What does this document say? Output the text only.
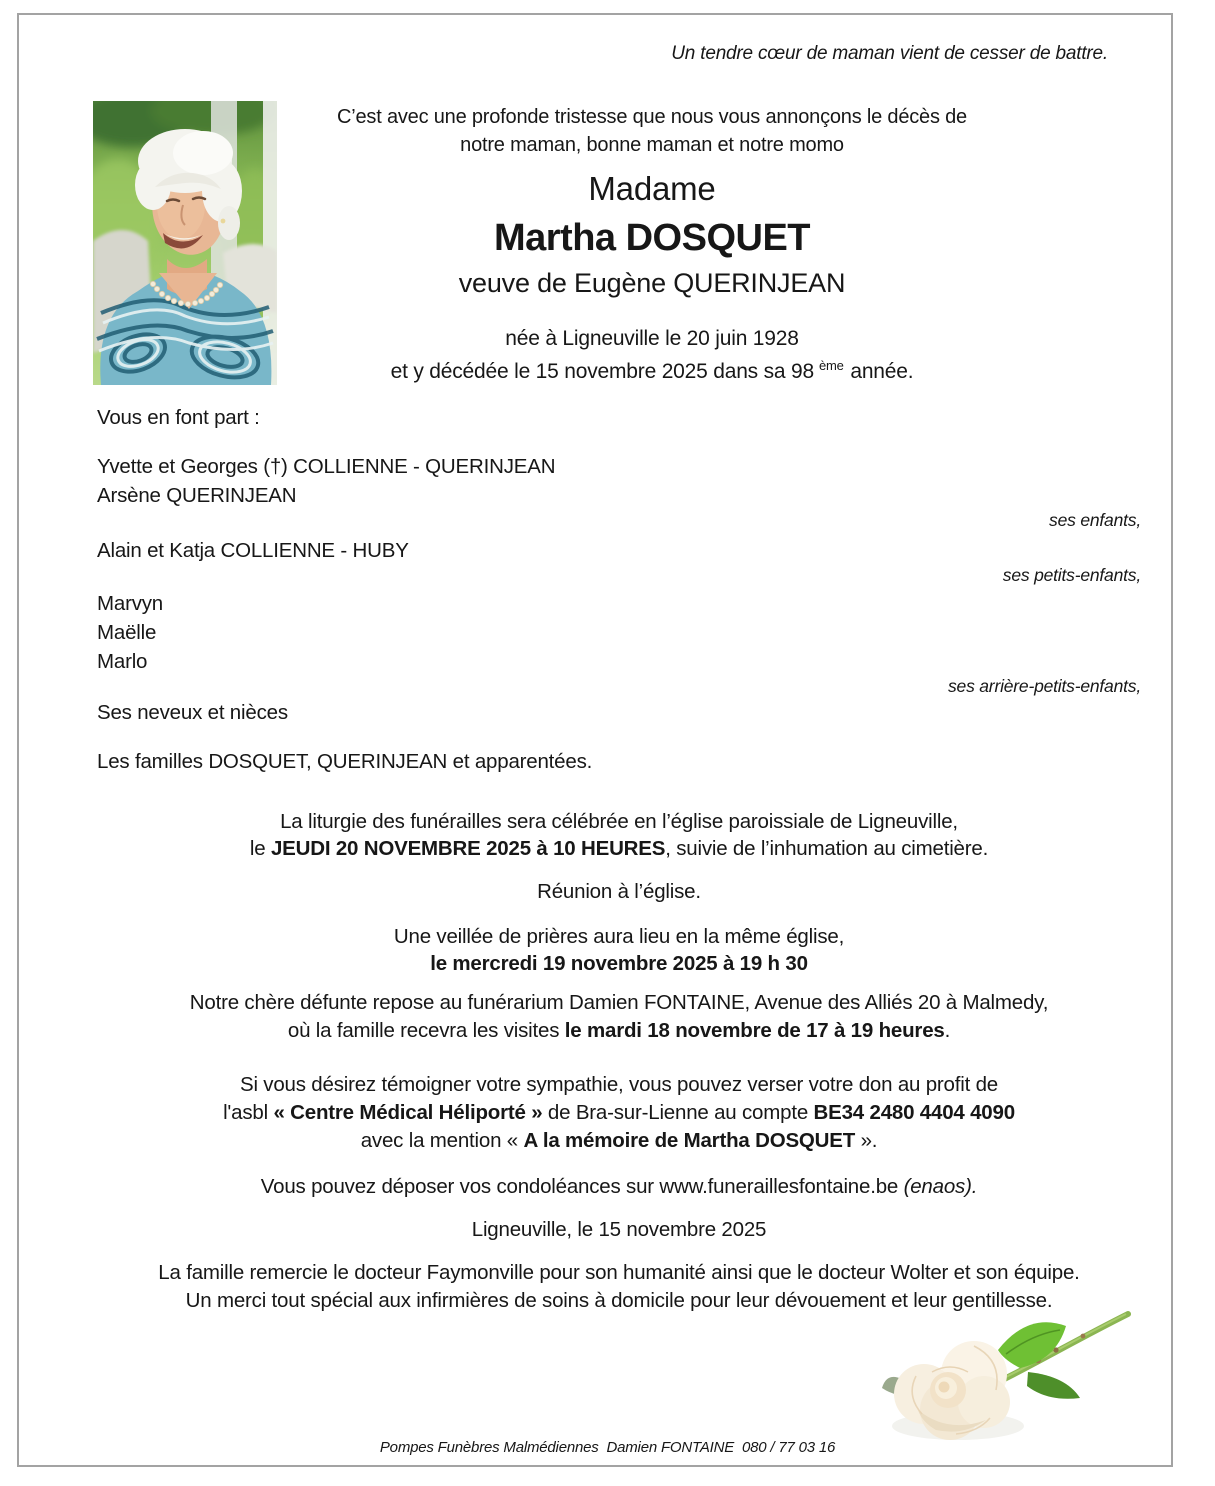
Un tendre cœur de maman vient de cesser de battre.
C’est avec une profonde tristesse que nous vous annonçons le décès de
notre maman, bonne maman et notre momo
Madame
Martha DOSQUET
veuve de Eugène QUERINJEAN
née à Ligneuville le 20 juin 1928
et y décédée le 15 novembre 2025 dans sa 98 $^{ème}$ année.
Vous en font part :
Yvette et Georges (†) COLLIENNE - QUERINJEAN
Arsène QUERINJEAN
ses enfants,
Alain et Katja COLLIENNE - HUBY
ses petits-enfants,
Marvyn
Maëlle
Marlo
ses arrière-petits-enfants,
Ses neveux et nièces
Les familles DOSQUET, QUERINJEAN et apparentées.
La liturgie des funérailles sera célébrée en l’église paroissiale de Ligneuville,
le JEUDI 20 NOVEMBRE 2025 à 10 HEURES, suivie de l’inhumation au cimetière.
Réunion à l’église.
Une veillée de prières aura lieu en la même église,
le mercredi 19 novembre 2025 à 19 h 30
Notre chère défunte repose au funérarium Damien FONTAINE, Avenue des Alliés 20 à Malmedy,
où la famille recevra les visites le mardi 18 novembre de 17 à 19 heures.
Si vous désirez témoigner votre sympathie, vous pouvez verser votre don au profit de
l'asbl « Centre Médical Héliporté » de Bra-sur-Lienne au compte BE34 2480 4404 4090
avec la mention « A la mémoire de Martha DOSQUET ».
Vous pouvez déposer vos condoléances sur www.funeraillesfontaine.be (enaos).
Ligneuville, le 15 novembre 2025
La famille remercie le docteur Faymonville pour son humanité ainsi que le docteur Wolter et son équipe.
Un merci tout spécial aux infirmières de soins à domicile pour leur dévouement et leur gentillesse.
Pompes Funèbres Malmédiennes  Damien FONTAINE  080 / 77 03 16
